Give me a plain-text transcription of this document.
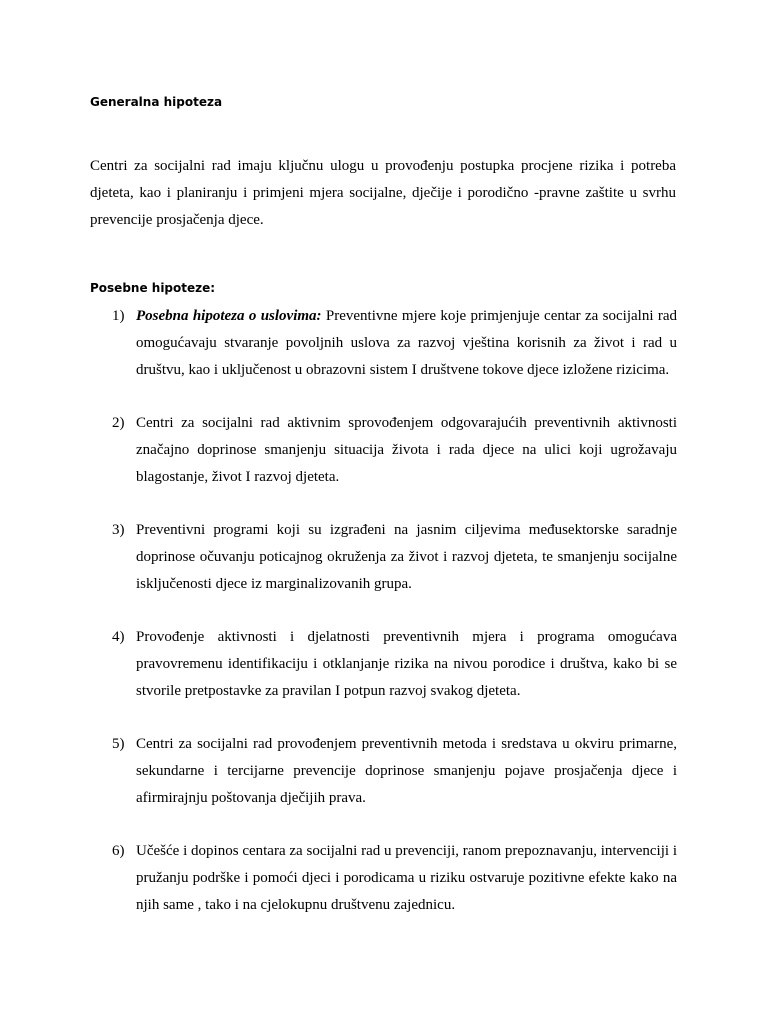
Generalna hipoteza

Centri za socijalni rad imaju ključnu ulogu u provođenju postupka procjene rizika i potreba djeteta, kao i planiranju i primjeni mjera socijalne, dječije i porodično -pravne zaštite u svrhu prevencije prosjačenja djece.

Posebne hipoteze:
1) Posebna hipoteza o uslovima: Preventivne mjere koje primjenjuje centar za socijalni rad omogućavaju stvaranje povoljnih uslova za razvoj vještina korisnih za život i rad u društvu, kao i uključenost u obrazovni sistem I društvene tokove djece izložene rizicima.

2) Centri za socijalni rad aktivnim sprovođenjem odgovarajućih preventivnih aktivnosti značajno doprinose smanjenju situacija života i rada djece na ulici koji ugrožavaju blagostanje, život I razvoj djeteta.

3) Preventivni programi koji su izgrađeni na jasnim ciljevima međusektorske saradnje doprinose očuvanju poticajnog okruženja za život i razvoj djeteta, te smanjenju socijalne isključenosti djece iz marginalizovanih grupa.

4) Provođenje aktivnosti i djelatnosti preventivnih mjera i programa omogućava pravovremenu identifikaciju i otklanjanje rizika na nivou porodice i društva, kako bi se stvorile pretpostavke za pravilan I potpun razvoj svakog djeteta.

5) Centri za socijalni rad provođenjem preventivnih metoda i sredstava u okviru primarne, sekundarne i tercijarne prevencije doprinose smanjenju pojave prosjačenja djece i afirmirajnju poštovanja dječijih prava.

6) Učešće i dopinos centara za socijalni rad u prevenciji, ranom prepoznavanju, intervenciji i pružanju podrške i pomoći djeci i porodicama u riziku ostvaruje pozitivne efekte kako na njih same , tako i na cjelokupnu društvenu zajednicu.
